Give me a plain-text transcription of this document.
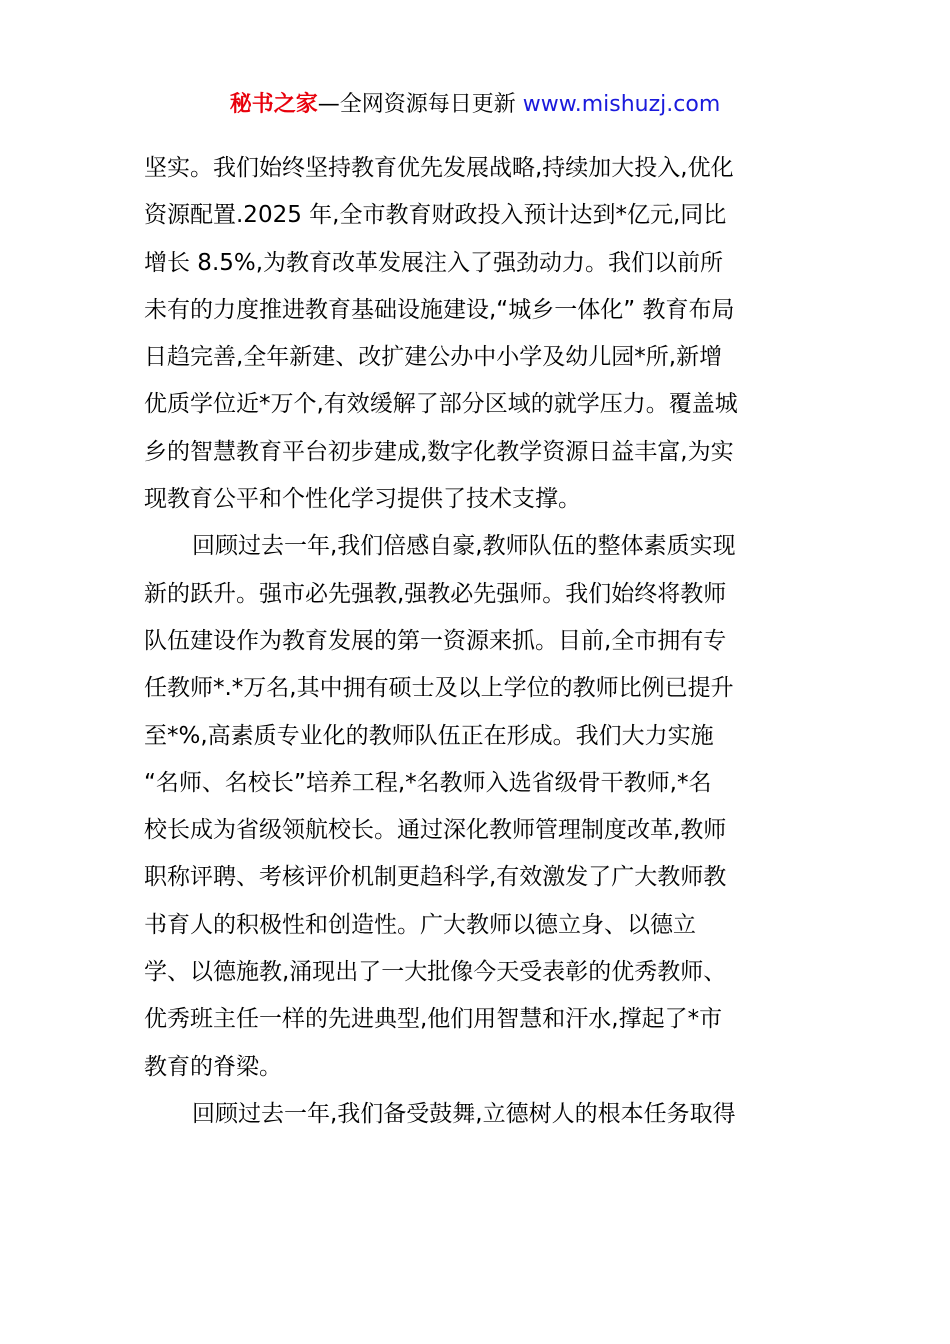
秘书之家—全网资源每日更新 www.mishuzj.com
坚实。我们始终坚持教育优先发展战略,持续加大投入,优化
资源配置.2025 年,全市教育财政投入预计达到*亿元,同比
增长 8.5%,为教育改革发展注入了强劲动力。我们以前所
未有的力度推进教育基础设施建设,“城乡一体化” 教育布局
日趋完善,全年新建、改扩建公办中小学及幼儿园*所,新增
优质学位近*万个,有效缓解了部分区域的就学压力。覆盖城
乡的智慧教育平台初步建成,数字化教学资源日益丰富,为实
现教育公平和个性化学习提供了技术支撑。
回顾过去一年,我们倍感自豪,教师队伍的整体素质实现
新的跃升。强市必先强教,强教必先强师。我们始终将教师
队伍建设作为教育发展的第一资源来抓。目前,全市拥有专
任教师*.*万名,其中拥有硕士及以上学位的教师比例已提升
至*%,高素质专业化的教师队伍正在形成。我们大力实施
“名师、名校长”培养工程,*名教师入选省级骨干教师,*名
校长成为省级领航校长。通过深化教师管理制度改革,教师
职称评聘、考核评价机制更趋科学,有效激发了广大教师教
书育人的积极性和创造性。广大教师以德立身、以德立
学、以德施教,涌现出了一大批像今天受表彰的优秀教师、
优秀班主任一样的先进典型,他们用智慧和汗水,撑起了*市
教育的脊梁。
回顾过去一年,我们备受鼓舞,立德树人的根本任务取得
